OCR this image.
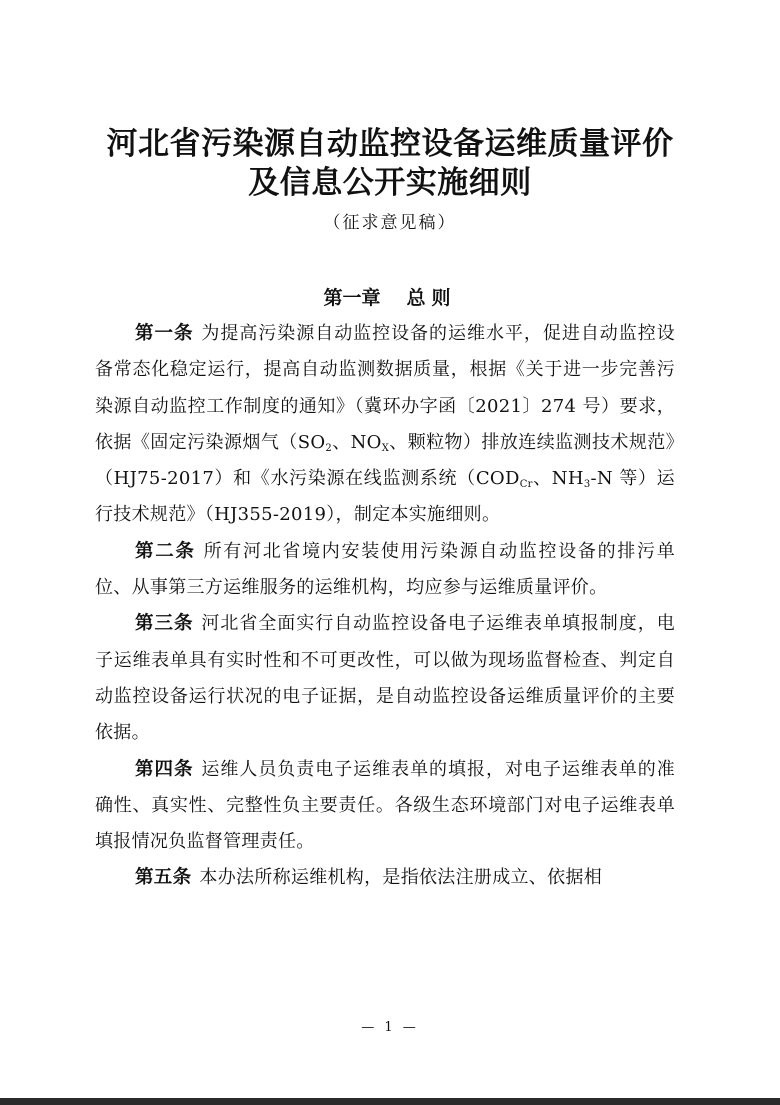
河北省污染源自动监控设备运维质量评价
及信息公开实施细则
（征求意见稿）
第一章 总则

第一条 为提高污染源自动监控设备的运维水平，促进自动监控设备常态化稳定运行，提高自动监测数据质量，根据《关于进一步完善污染源自动监控工作制度的通知》（冀环办字函〔2021〕274 号）要求，依据《固定污染源烟气（$SO_2$、$NO_X$、颗粒物）排放连续监测技术规范》（HJ75-2017）和《水污染源在线监测系统（$COD_{Cr}$、$NH_3-N$ 等）运行技术规范》（HJ355-2019），制定本实施细则。

第二条 所有河北省境内安装使用污染源自动监控设备的排污单位、从事第三方运维服务的运维机构，均应参与运维质量评价。

第三条 河北省全面实行自动监控设备电子运维表单填报制度，电子运维表单具有实时性和不可更改性，可以做为现场监督检查、判定自动监控设备运行状况的电子证据，是自动监控设备运维质量评价的主要依据。

第四条 运维人员负责电子运维表单的填报，对电子运维表单的准确性、真实性、完整性负主要责任。各级生态环境部门对电子运维表单填报情况负监督管理责任。

第五条 本办法所称运维机构，是指依法注册成立、依据相

— 1 —
